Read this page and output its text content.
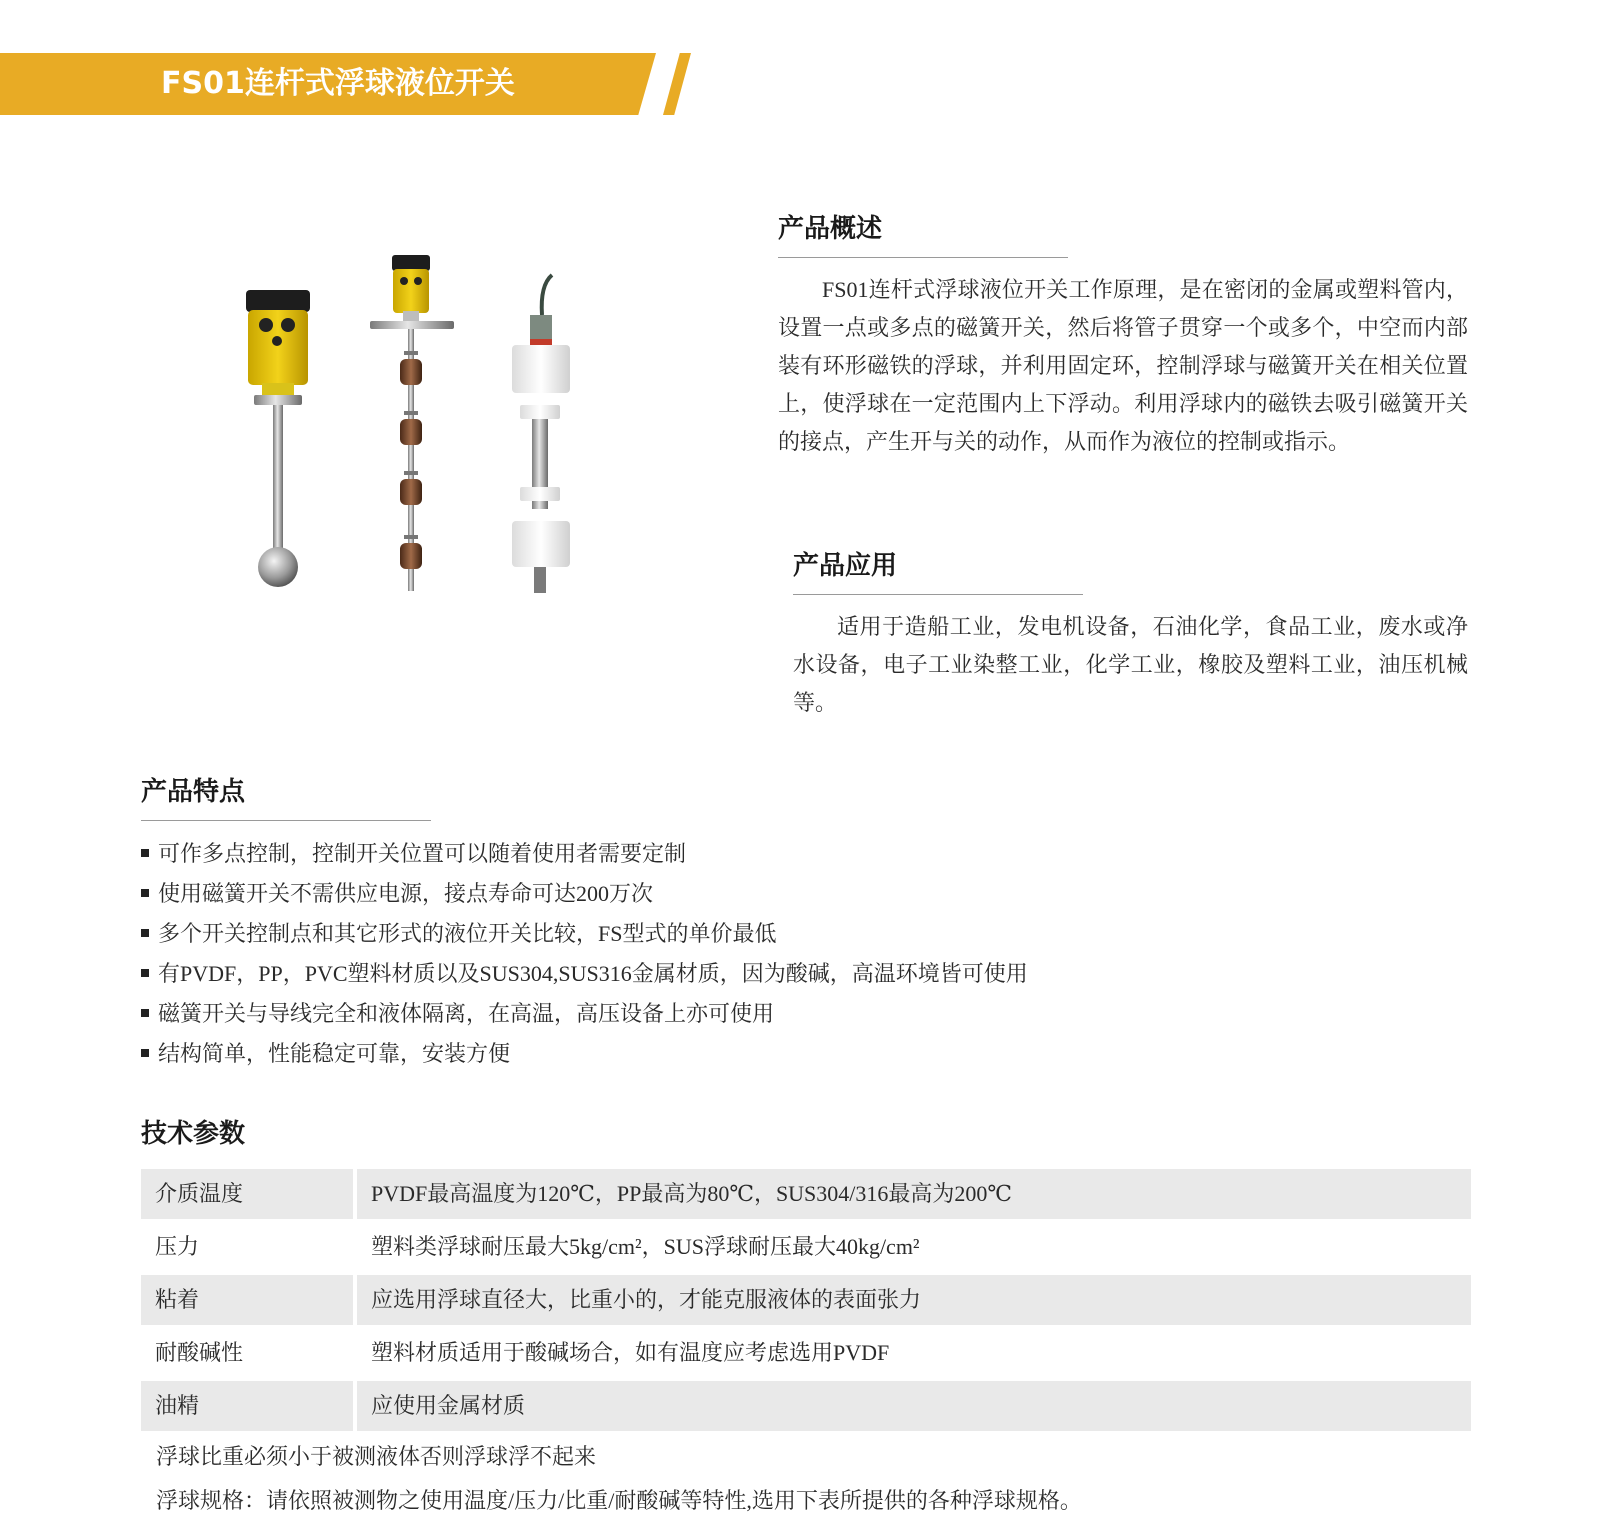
FS01连杆式浮球液位开关
产品概述

FS01连杆式浮球液位开关工作原理，是在密闭的金属或塑料管内，设置一点或多点的磁簧开关，然后将管子贯穿一个或多个，中空而内部装有环形磁铁的浮球，并利用固定环，控制浮球与磁簧开关在相关位置上，使浮球在一定范围内上下浮动。利用浮球内的磁铁去吸引磁簧开关的接点，产生开与关的动作，从而作为液位的控制或指示。

产品应用

适用于造船工业，发电机设备，石油化学，食品工业，废水或净水设备，电子工业染整工业，化学工业，橡胶及塑料工业，油压机械等。

产品特点
可作多点控制，控制开关位置可以随着使用者需要定制
使用磁簧开关不需供应电源，接点寿命可达200万次
多个开关控制点和其它形式的液位开关比较，FS型式的单价最低
有PVDF，PP，PVC塑料材质以及SUS304,SUS316金属材质，因为酸碱，高温环境皆可使用
磁簧开关与导线完全和液体隔离，在高温，高压设备上亦可使用
结构简单，性能稳定可靠，安装方便
技术参数
介质温度	PVDF最高温度为120℃，PP最高为80℃，SUS304/316最高为200℃
压力	塑料类浮球耐压最大5kg/cm²，SUS浮球耐压最大40kg/cm²
粘着	应选用浮球直径大，比重小的，才能克服液体的表面张力
耐酸碱性	塑料材质适用于酸碱场合，如有温度应考虑选用PVDF
油精	应使用金属材质
浮球比重必须小于被测液体否则浮球浮不起来
浮球规格：请依照被测物之使用温度/压力/比重/耐酸碱等特性,选用下表所提供的各种浮球规格。
